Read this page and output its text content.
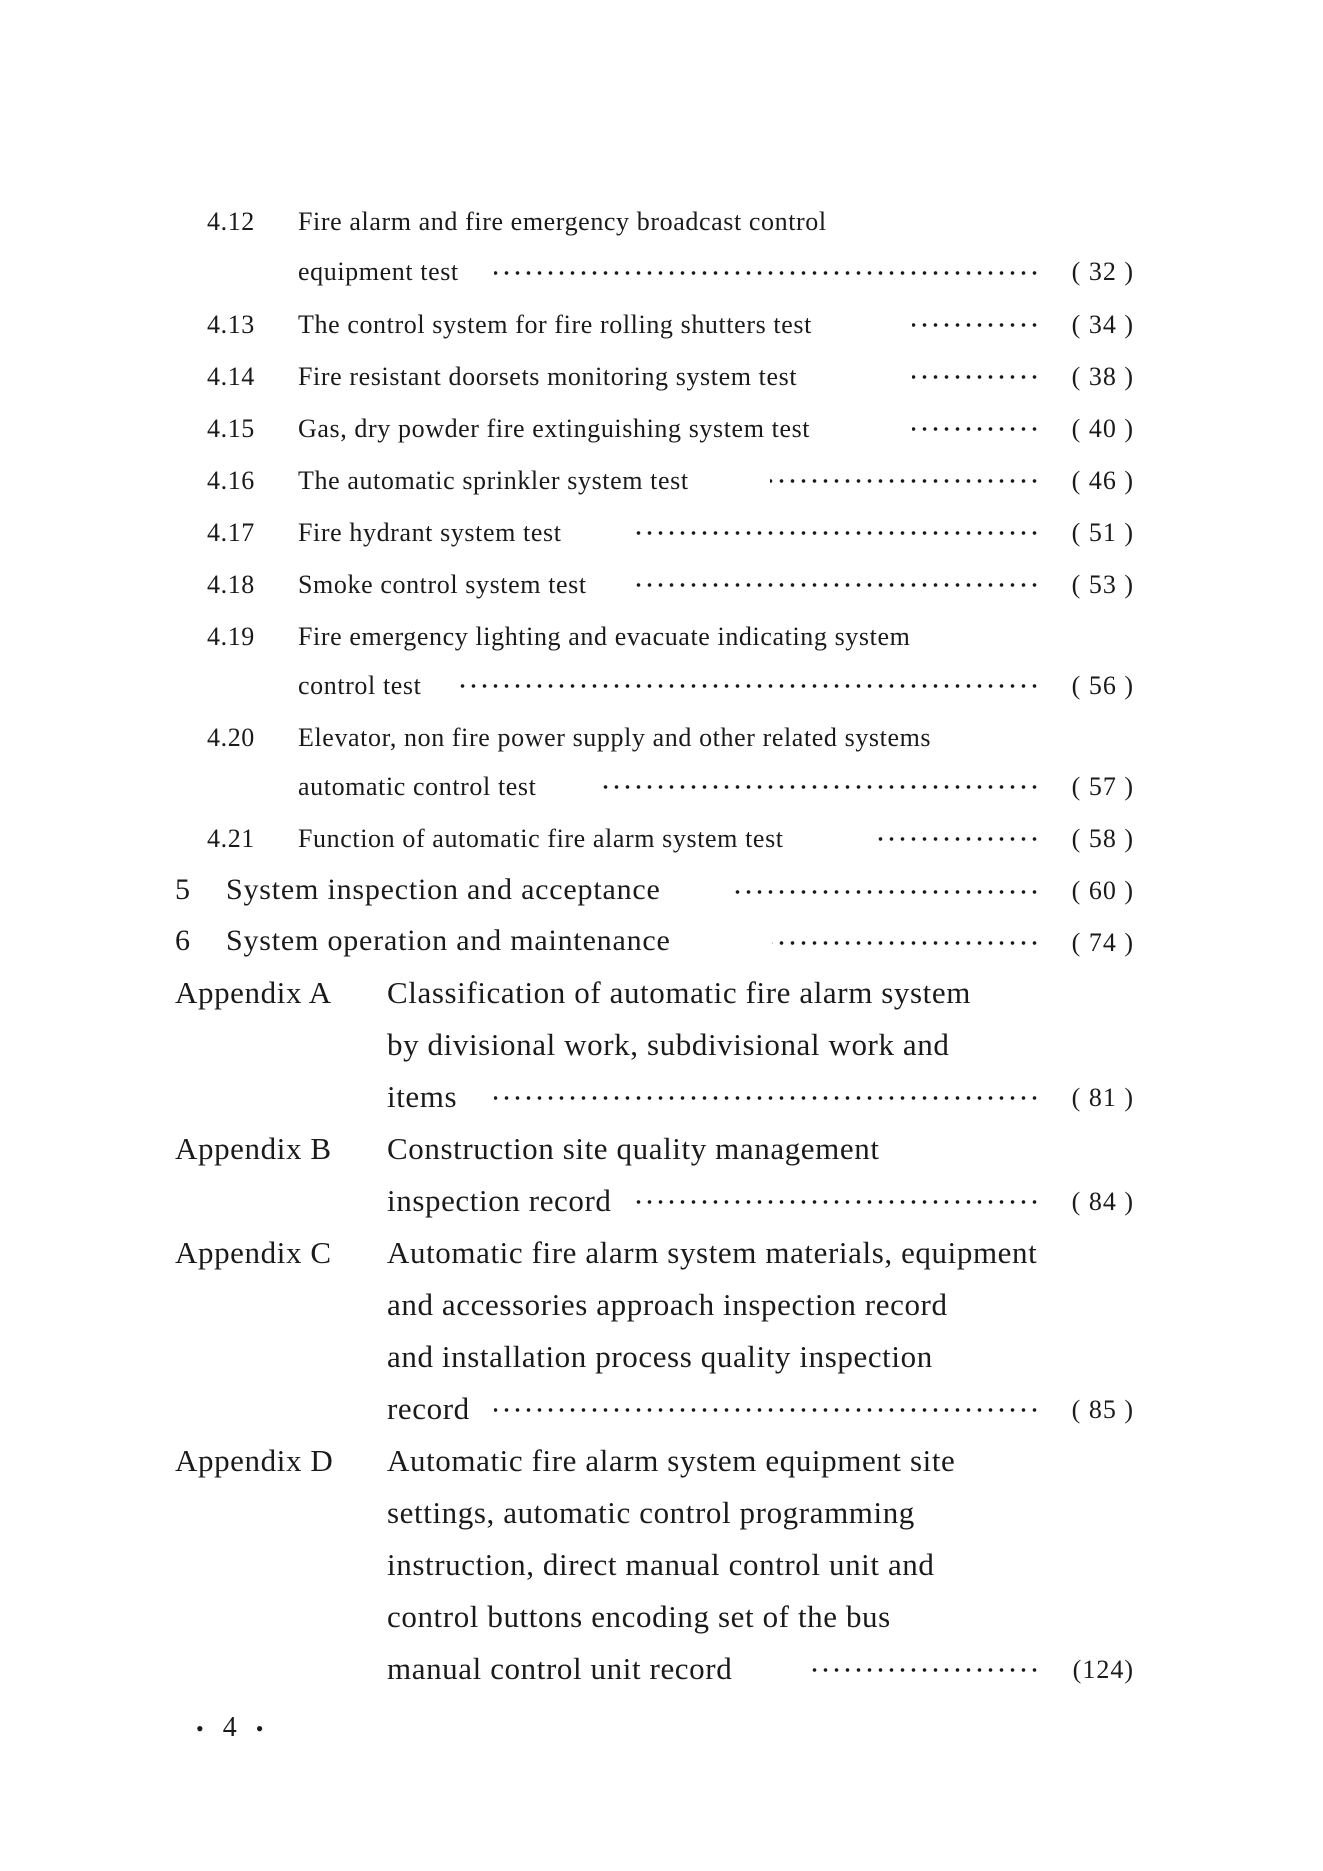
4.12 Fire alarm and fire emergency broadcast control
equipment test	( 32 )
4.13 The control system for fire rolling shutters test	( 34 )
4.14 Fire resistant doorsets monitoring system test	( 38 )
4.15 Gas, dry powder fire extinguishing system test	( 40 )
4.16 The automatic sprinkler system test	( 46 )
4.17 Fire hydrant system test	( 51 )
4.18 Smoke control system test	( 53 )
4.19 Fire emergency lighting and evacuate indicating system
control test	( 56 )
4.20 Elevator, non fire power supply and other related systems
automatic control test	( 57 )
4.21 Function of automatic fire alarm system test	( 58 )
5 System inspection and acceptance	( 60 )
6 System operation and maintenance	( 74 )
Appendix A Classification of automatic fire alarm system
by divisional work, subdivisional work and
items	( 81 )
Appendix B Construction site quality management
inspection record	( 84 )
Appendix C Automatic fire alarm system materials, equipment
and accessories approach inspection record
and installation process quality inspection
record	( 85 )
Appendix D Automatic fire alarm system equipment site
settings, automatic control programming
instruction, direct manual control unit and
control buttons encoding set of the bus
manual control unit record	(124)
• 4 •
